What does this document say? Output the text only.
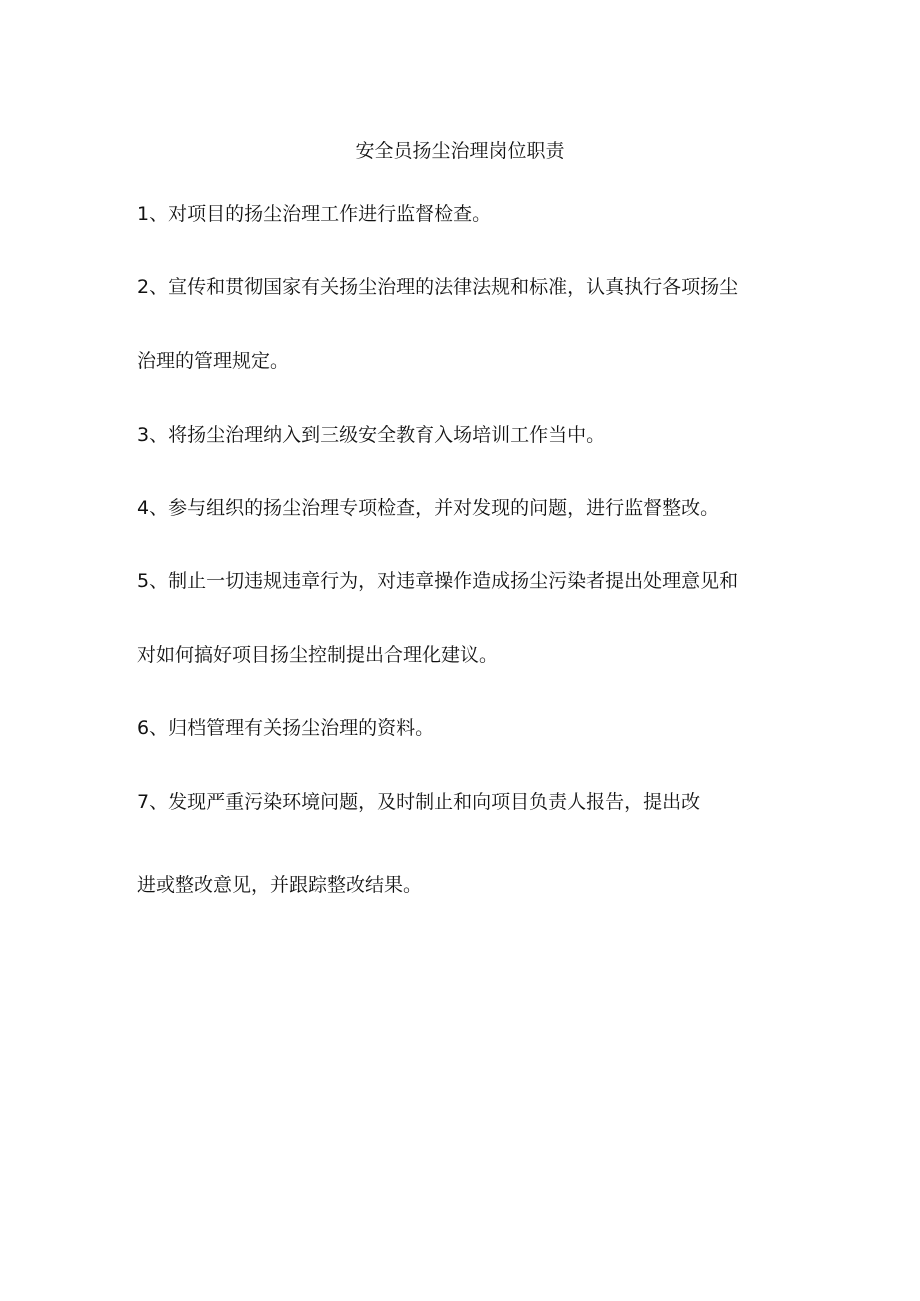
安全员扬尘治理岗位职责
1、对项目的扬尘治理工作进行监督检查。
2、宣传和贯彻国家有关扬尘治理的法律法规和标准，认真执行各项扬尘
治理的管理规定。
3、将扬尘治理纳入到三级安全教育入场培训工作当中。
4、参与组织的扬尘治理专项检查，并对发现的问题，进行监督整改。
5、制止一切违规违章行为，对违章操作造成扬尘污染者提出处理意见和
对如何搞好项目扬尘控制提出合理化建议。
6、归档管理有关扬尘治理的资料。
7、发现严重污染环境问题，及时制止和向项目负责人报告，提出改
进或整改意见，并跟踪整改结果。
